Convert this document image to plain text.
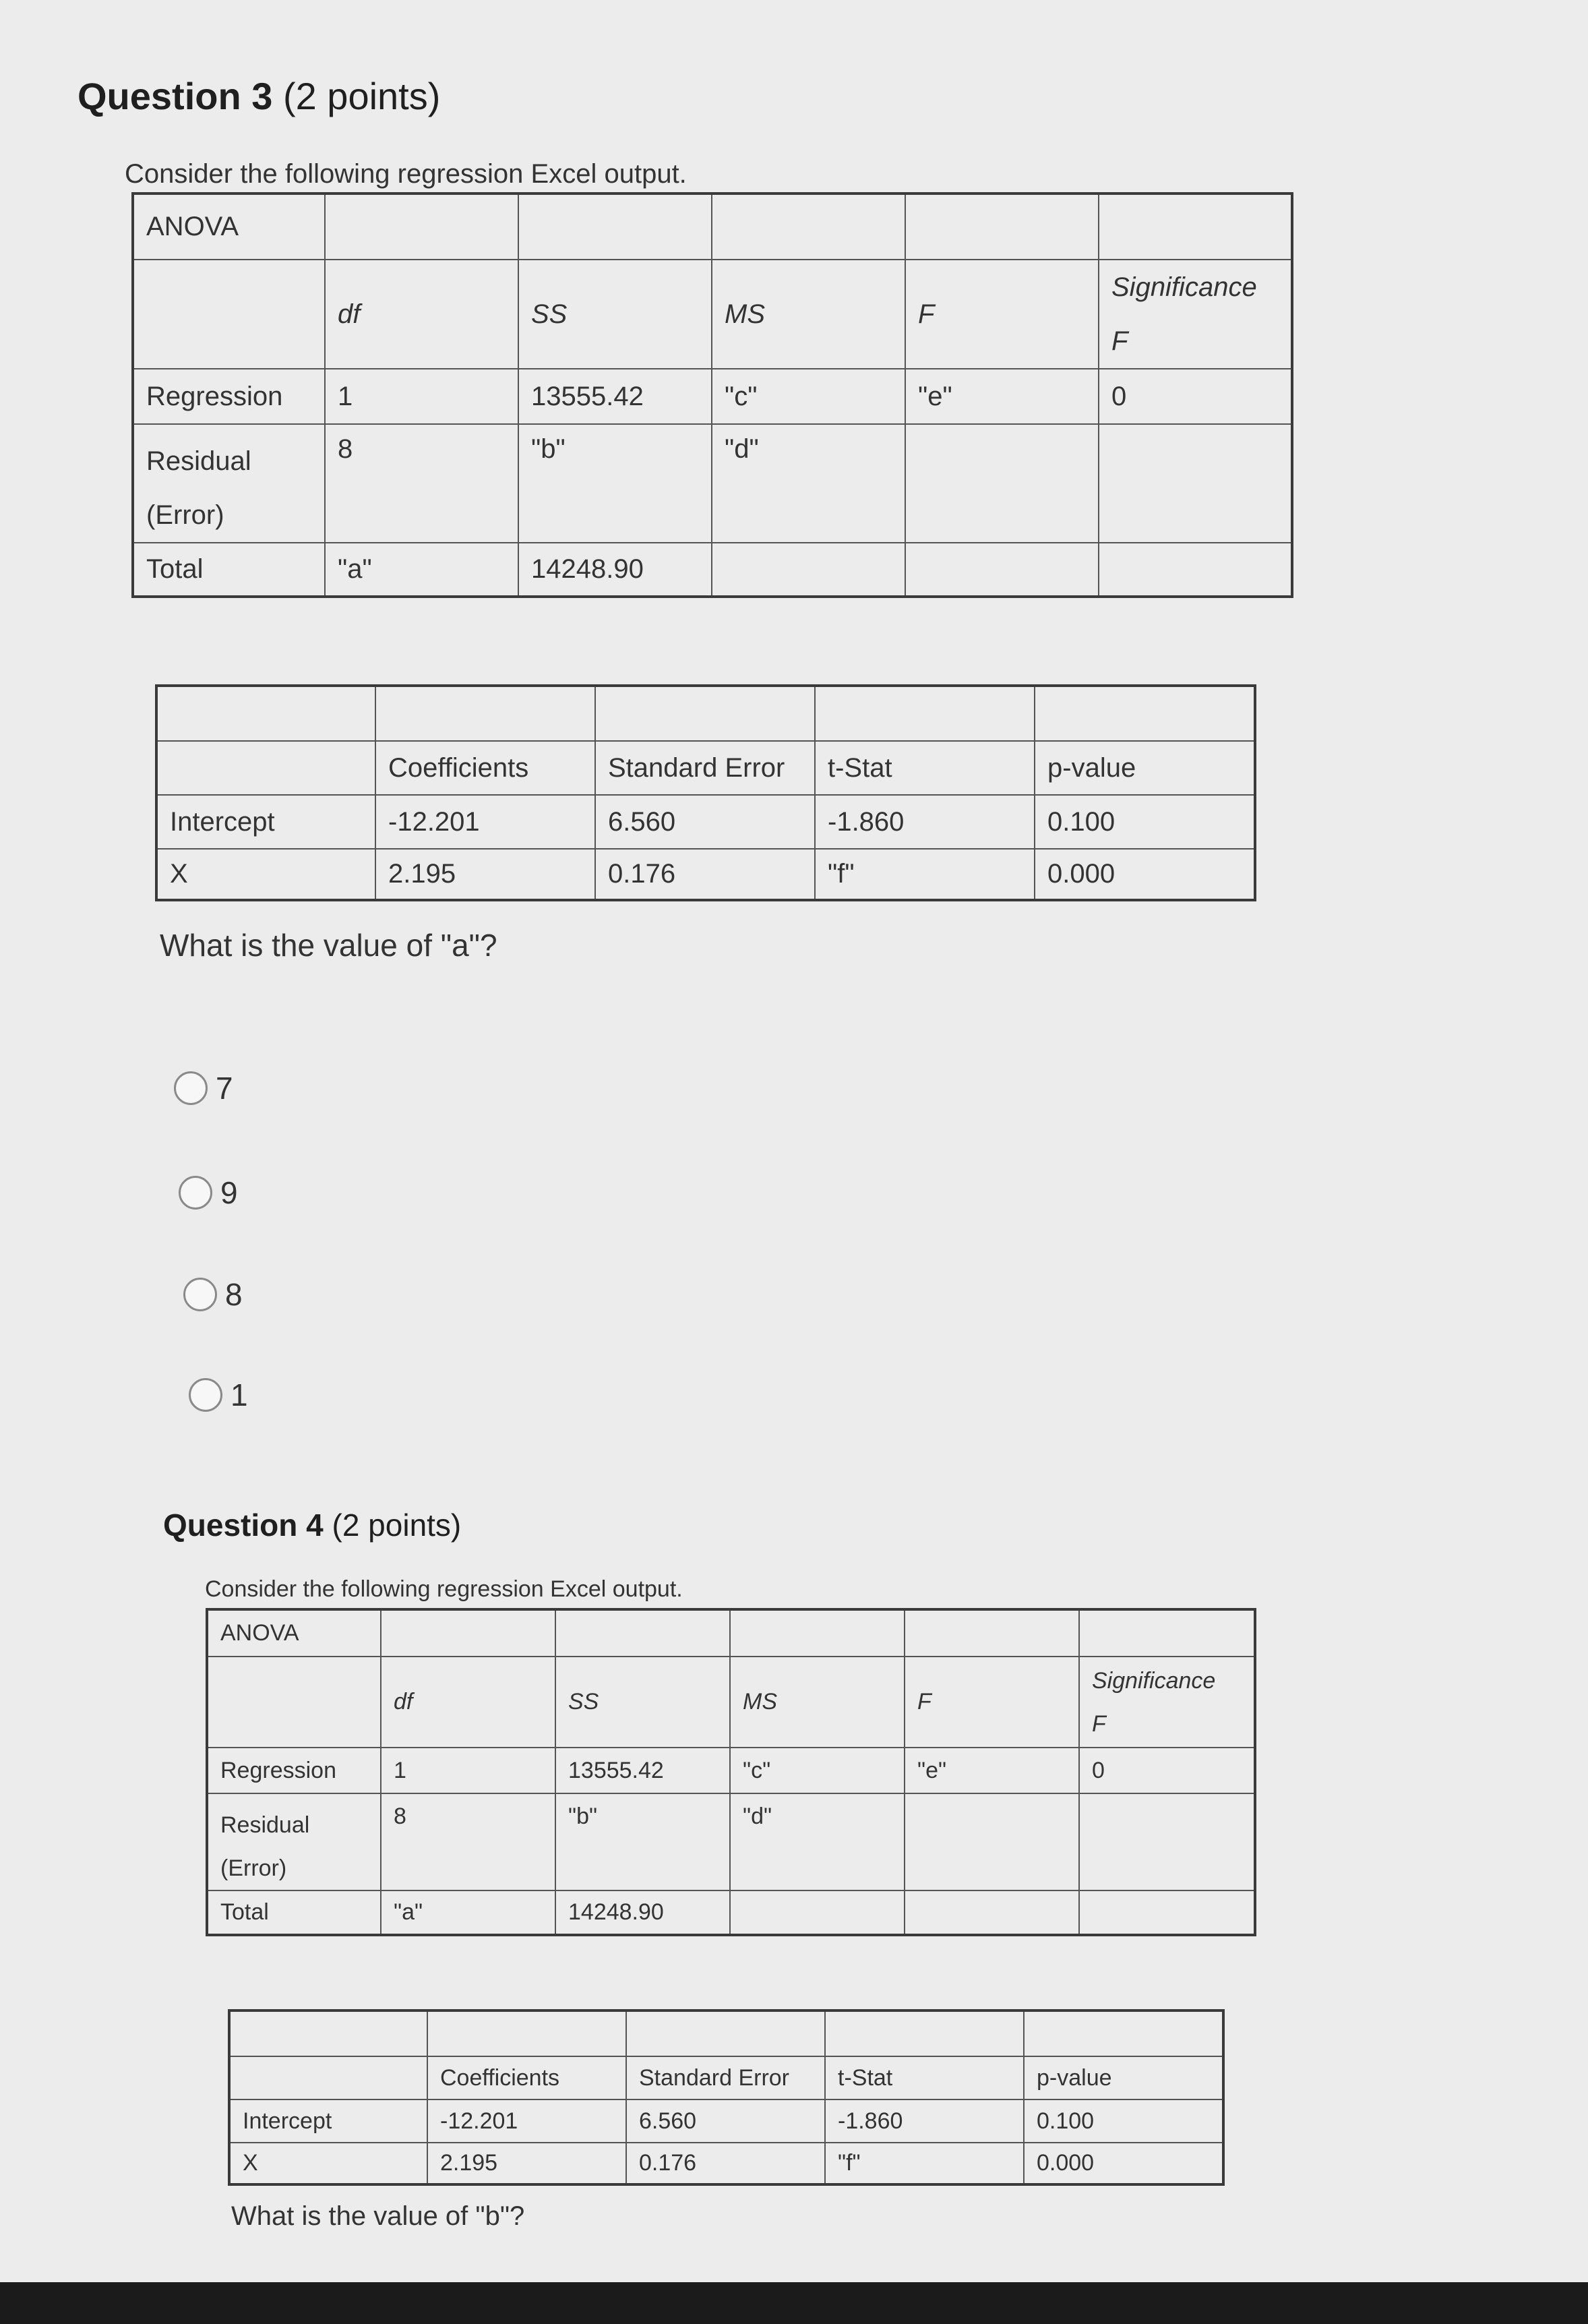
Question 3 (2 points)
Consider the following regression Excel output.
ANOVA					
	df	SS	MS	F	Significance
F
Regression	1	13555.42	"c"	"e"	0
Residual
(Error)	8	"b"	"d"		
Total	"a"	14248.90			

	Coefficients	Standard Error	t-Stat	p-value
Intercept	-12.201	6.560	-1.860	0.100
X	2.195	0.176	"f"	0.000
What is the value of "a"?
7
9
8
1
Question 4 (2 points)
Consider the following regression Excel output.
ANOVA					
	df	SS	MS	F	Significance
F
Regression	1	13555.42	"c"	"e"	0
Residual
(Error)	8	"b"	"d"		
Total	"a"	14248.90			

	Coefficients	Standard Error	t-Stat	p-value
Intercept	-12.201	6.560	-1.860	0.100
X	2.195	0.176	"f"	0.000
What is the value of "b"?
